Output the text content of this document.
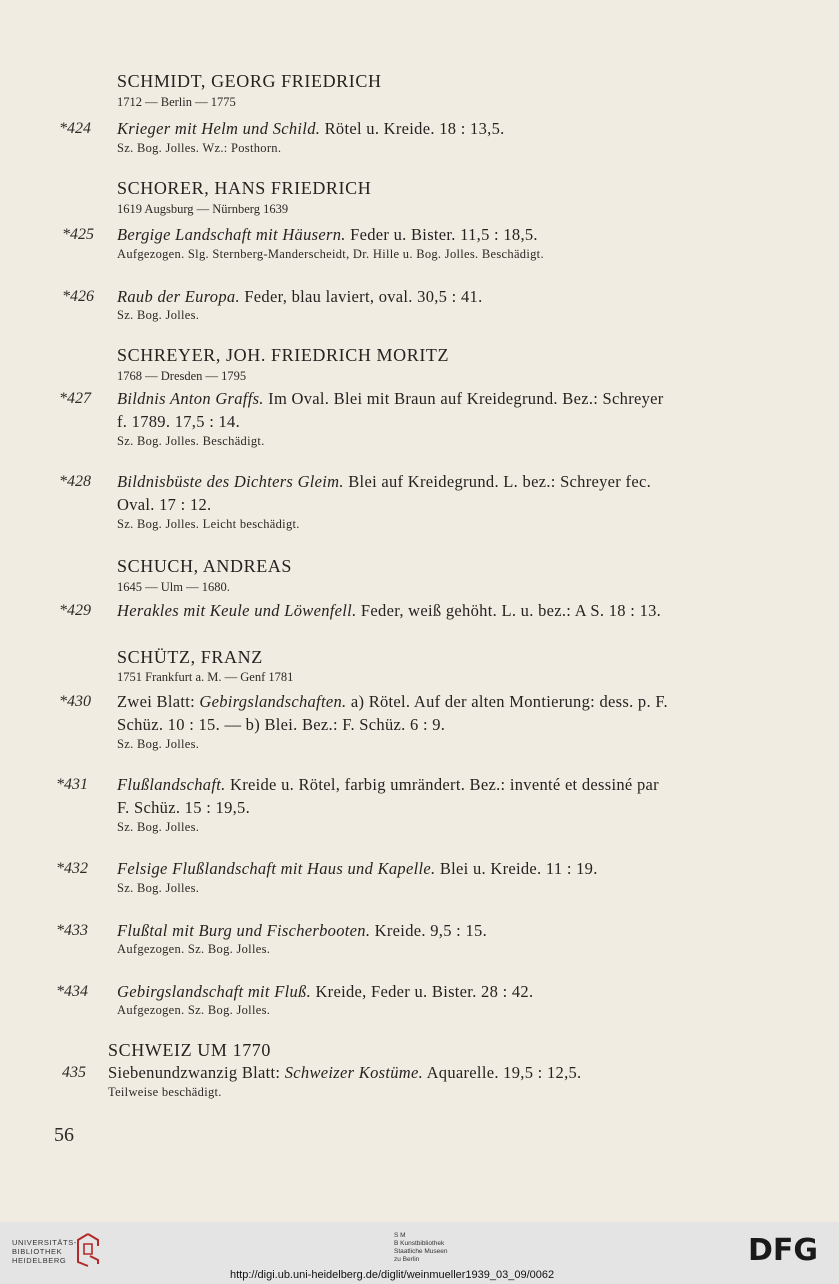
SCHMIDT, GEORG FRIEDRICH
1712 — Berlin — 1775
*424 Krieger mit Helm und Schild. Rötel u. Kreide. 18 : 13,5.
Sz. Bog. Jolles. Wz.: Posthorn.
SCHORER, HANS FRIEDRICH
1619 Augsburg — Nürnberg 1639
*425 Bergige Landschaft mit Häusern. Feder u. Bister. 11,5 : 18,5.
Aufgezogen. Slg. Sternberg-Manderscheidt, Dr. Hille u. Bog. Jolles. Beschädigt.
*426 Raub der Europa. Feder, blau laviert, oval. 30,5 : 41.
Sz. Bog. Jolles.
SCHREYER, JOH. FRIEDRICH MORITZ
1768 — Dresden — 1795
*427 Bildnis Anton Graffs. Im Oval. Blei mit Braun auf Kreidegrund. Bez.: Schreyer
f. 1789. 17,5 : 14.
Sz. Bog. Jolles. Beschädigt.
*428 Bildnisbüste des Dichters Gleim. Blei auf Kreidegrund. L. bez.: Schreyer fec.
Oval. 17 : 12.
Sz. Bog. Jolles. Leicht beschädigt.
SCHUCH, ANDREAS
1645 — Ulm — 1680.
*429 Herakles mit Keule und Löwenfell. Feder, weiß gehöht. L. u. bez.: A S. 18 : 13.
SCHÜTZ, FRANZ
1751 Frankfurt a. M. — Genf 1781
*430 Zwei Blatt: Gebirgslandschaften. a) Rötel. Auf der alten Montierung: dess. p. F.
Schüz. 10 : 15. — b) Blei. Bez.: F. Schüz. 6 : 9.
Sz. Bog. Jolles.
*431 Flußlandschaft. Kreide u. Rötel, farbig umrändert. Bez.: inventé et dessiné par
F. Schüz. 15 : 19,5.
Sz. Bog. Jolles.
*432 Felsige Flußlandschaft mit Haus und Kapelle. Blei u. Kreide. 11 : 19.
Sz. Bog. Jolles.
*433 Flußtal mit Burg und Fischerbooten. Kreide. 9,5 : 15.
Aufgezogen. Sz. Bog. Jolles.
*434 Gebirgslandschaft mit Fluß. Kreide, Feder u. Bister. 28 : 42.
Aufgezogen. Sz. Bog. Jolles.
SCHWEIZ UM 1770
435 Siebenundzwanzig Blatt: Schweizer Kostüme. Aquarelle. 19,5 : 12,5.
Teilweise beschädigt.
56
UNIVERSITÄTS-
BIBLIOTHEK
HEIDELBERG
S M
B Kunstbibliothek
Staatliche Museen
zu Berlin	DFG
http://digi.ub.uni-heidelberg.de/diglit/weinmueller1939_03_09/0062
